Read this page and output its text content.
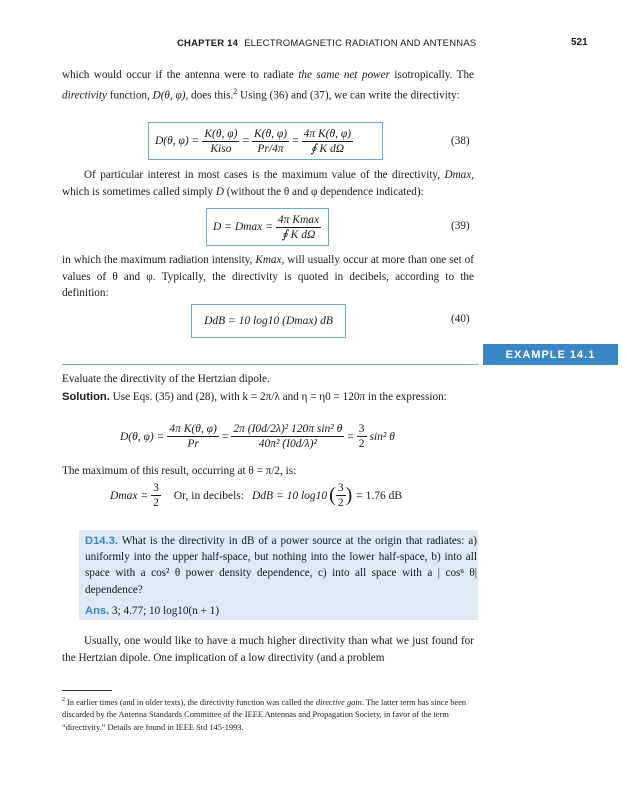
CHAPTER 14 ELECTROMAGNETIC RADIATION AND ANTENNAS	521
which would occur if the antenna were to radiate the same net power isotropically. The directivity function, D(θ, φ), does this.$^2$ Using (36) and (37), we can write the directivity:
D(θ, $\varphi) = \frac{K(\theta, \varphi)}{\text{Kiso}} = \frac{K(\theta, \varphi)}{Pr/4\pi} = \frac{\text{4π K(θ, φ)}}{\text{∮ K dΩ}}$	(38)
Of particular interest in most cases is the maximum value of the directivity, Dmax, which is sometimes called simply D (without the θ and φ dependence indicated):
$D = Dmax = \frac{\text{4π Kmax}}{\text{∮ K dΩ}}$	(39)
in which the maximum radiation intensity, Kmax, will usually occur at more than one set of values of θ and φ. Typically, the directivity is quoted in decibels, according to the definition:
DdB = 10 log10 (Dmax) dB	(40)
EXAMPLE 14.1
Evaluate the directivity of the Hertzian dipole.
Solution. Use Eqs. (35) and (28), with k = 2π/λ and η = η0 = 120π in the expression:
D(θ, $\varphi) = \frac{\text{4π K(θ, φ)}}{Pr} = \frac{\text{2π (I0d/2λ)² 120π sin² θ}}{\text{40π² (I0d/λ)²}} = \frac{3}{2} \sin^2$ θ
The maximum of this result, occurring at θ = π/2, is:
$Dmax = \frac{3}{2} Or$, in decibels: DdB = 10 log10 ( $\frac{3}{2}$ ) = 1.76 dB
D14.3. What is the directivity in dB of a power source at the origin that radiates: a) uniformly into the upper half-space, but nothing into the lower half-space, b) into all space with a cos² θ power density dependence, c) into all space with a | cosⁿ θ| dependence?
Ans. 3; 4.77; 10 log10(n + 1)
Usually, one would like to have a much higher directivity than what we just found for the Hertzian dipole. One implication of a low directivity (and a problem
$^2$ In earlier times (and in older texts), the directivity function was called the directive gain. The latter term has since been discarded by the Antenna Standards Committee of the IEEE Antennas and Propagation Society, in favor of the term “directivity.” Details are found in IEEE Std 145-1993.
